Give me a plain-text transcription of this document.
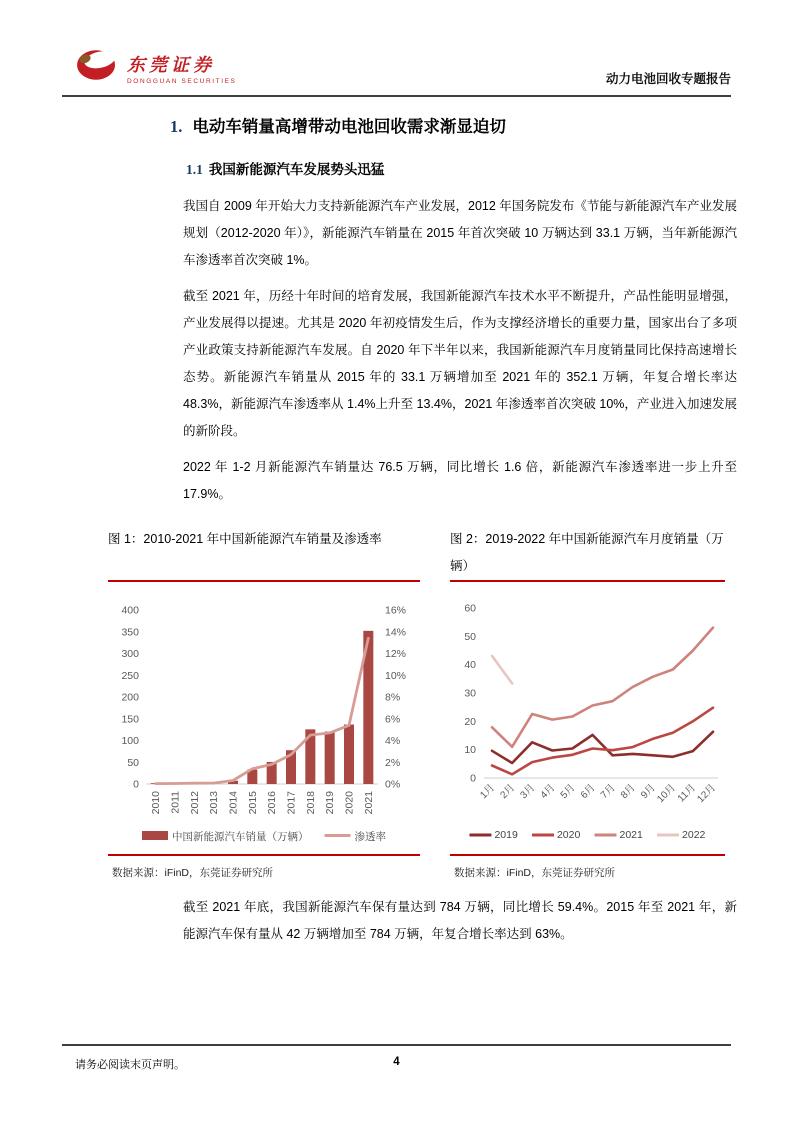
东莞证券
DONGGUAN SECURITIES	动力电池回收专题报告
1. 电动车销量高增带动电池回收需求渐显迫切
1.1 我国新能源汽车发展势头迅猛

我国自 2009 年开始大力支持新能源汽车产业发展，2012 年国务院发布《节能与新能源汽车产业发展规划（2012-2020 年）》，新能源汽车销量在 2015 年首次突破 10 万辆达到 33.1 万辆，当年新能源汽车渗透率首次突破 1%。

截至 2021 年，历经十年时间的培育发展，我国新能源汽车技术水平不断提升，产品性能明显增强，产业发展得以提速。尤其是 2020 年初疫情发生后，作为支撑经济增长的重要力量，国家出台了多项产业政策支持新能源汽车发展。自 2020 年下半年以来，我国新能源汽车月度销量同比保持高速增长态势。新能源汽车销量从 2015 年的 33.1 万辆增加至 2021 年的 352.1 万辆，年复合增长率达 48.3%，新能源汽车渗透率从 1.4%上升至 13.4%，2021 年渗透率首次突破 10%，产业进入加速发展的新阶段。

2022 年 1-2 月新能源汽车销量达 76.5 万辆，同比增长 1.6 倍，新能源汽车渗透率进一步上升至 17.9%。

图 1：2010-2021 年中国新能源汽车销量及渗透率
0	0%
50	2%
100	4%
150	6%
200	8%
250	10%
300	12%
350	14%
400	16%
2010 2011 2012 2013 2014 2015 2016 2017 2018 2019 2020 2021
中国新能源汽车销量（万辆）	渗透率
数据来源：iFinD，东莞证券研究所
图 2：2019-2022 年中国新能源汽车月度销量（万辆）
0
10
20
30
40
50
60
1月 2月 3月 4月 5月 6月 7月 8月 9月
10月
11月
12月
2019	2020	2021	2022
数据来源：iFinD，东莞证券研究所

截至 2021 年底，我国新能源汽车保有量达到 784 万辆，同比增长 59.4%。2015 年至 2021 年，新能源汽车保有量从 42 万辆增加至 784 万辆，年复合增长率达到 63%。

请务必阅读末页声明。	4
